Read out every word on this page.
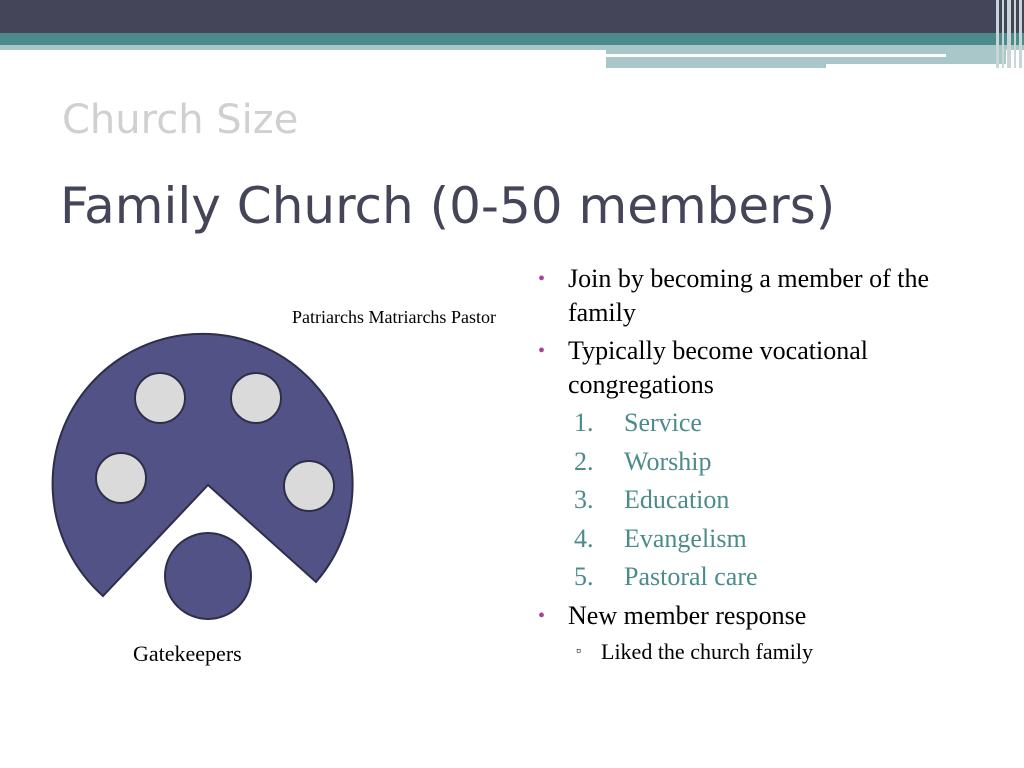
Church Size
Family Church (0-50 members)
Patriarchs Matriarchs Pastor
Gatekeepers
• Join by becoming a member of the family
• Typically become vocational congregations
1. Service
2. Worship
3. Education
4. Evangelism
5. Pastoral care
• New member response
▫ Liked the church family
